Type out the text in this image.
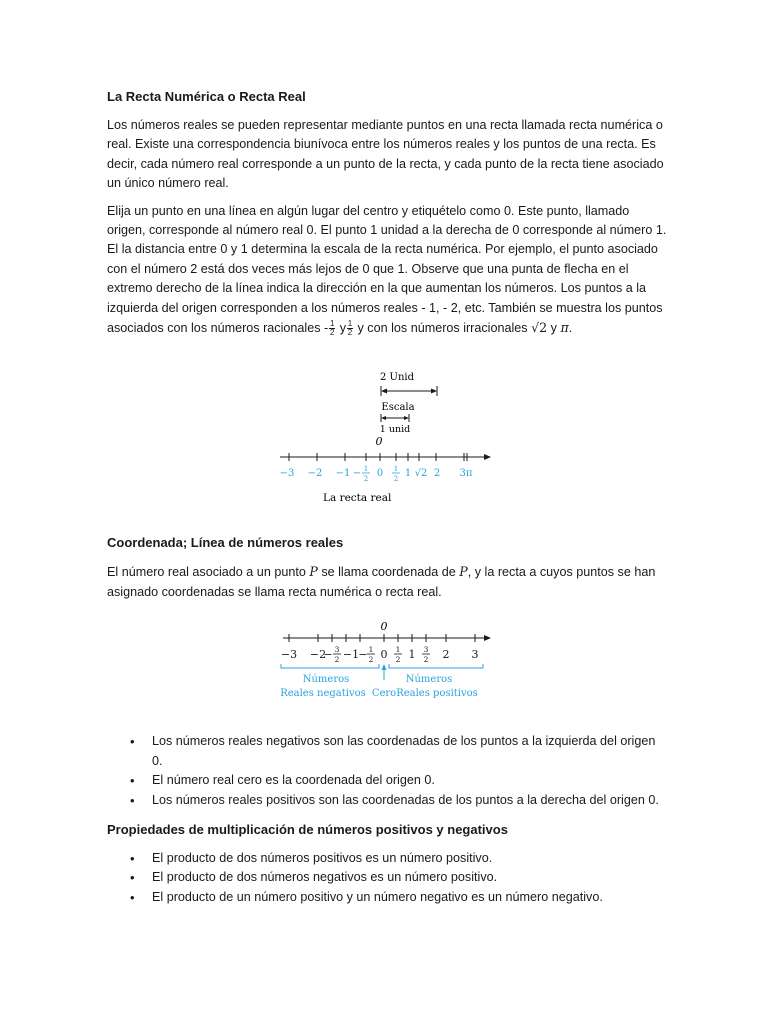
La Recta Numérica o Recta Real

Los números reales se pueden representar mediante puntos en una recta llamada recta numérica o real. Existe una correspondencia biunívoca entre los números reales y los puntos de una recta. Es decir, cada número real corresponde a un punto de la recta, y cada punto de la recta tiene asociado un único número real.

Elija un punto en una línea en algún lugar del centro y etiquételo como 0. Este punto, llamado origen, corresponde al número real 0. El punto 1 unidad a la derecha de 0 corresponde al número 1. El la distancia entre 0 y 1 determina la escala de la recta numérica. Por ejemplo, el punto asociado con el número 2 está dos veces más lejos de 0 que 1. Observe que una punta de flecha en el extremo derecho de la línea indica la dirección en la que aumentan los números. Los puntos a la izquierda del origen corresponden a los números reales - 1, - 2, etc. También se muestra los puntos asociados con los números racionales - $\frac{1}{2}$ y $\frac{1}{2}$ y con los números irracionales √2 y π.

2 Unid
Escala
1 unid
0
−3 −2 −1 − 1
2 0 1
2 1 √2 2 3π
La recta real
Coordenada; Línea de números reales

El número real asociado a un punto P se llama coordenada de P, y la recta a cuyos puntos se han asignado coordenadas se llama recta numérica o recta real.

0
−3 −2
− 3
2 −1 − 1
2 0 1
2 1 3
2 2 3
Números
Reales negativos Cero
Números
Reales positivos
• Los números reales negativos son las coordenadas de los puntos a la izquierda del origen 0.
• El número real cero es la coordenada del origen 0.
• Los números reales positivos son las coordenadas de los puntos a la derecha del origen 0.
Propiedades de multiplicación de números positivos y negativos
• El producto de dos números positivos es un número positivo.
• El producto de dos números negativos es un número positivo.
• El producto de un número positivo y un número negativo es un número negativo.
